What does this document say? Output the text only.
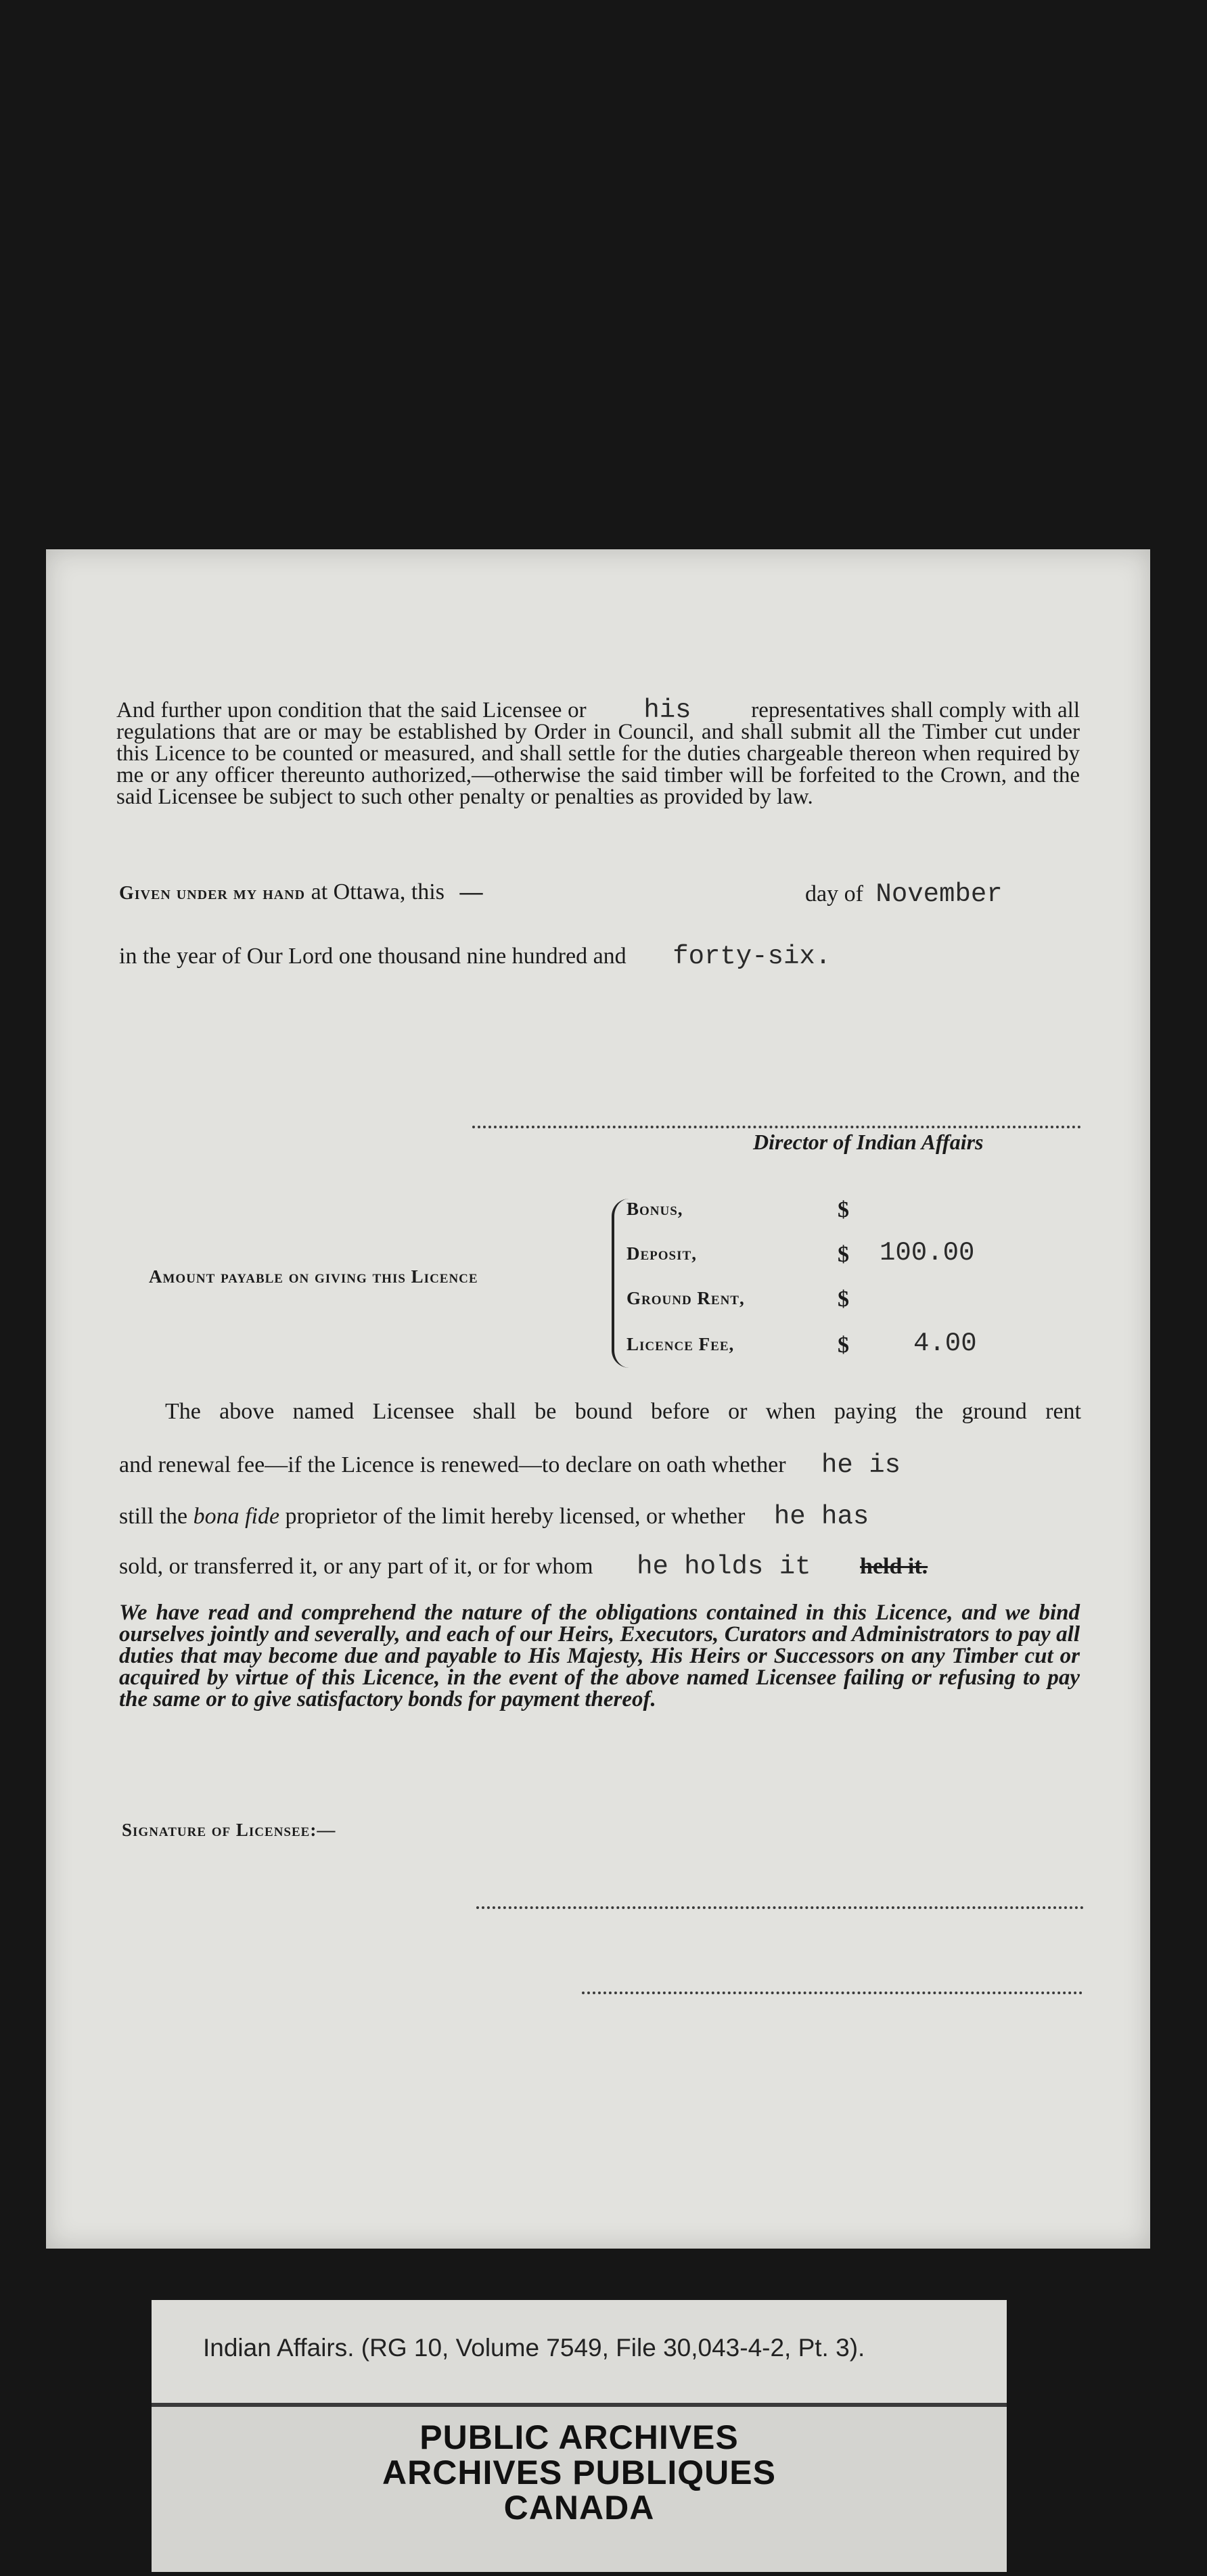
And further upon condition that the said Licensee or his	representatives shall comply with all regulations that are or may be established by Order in Council, and shall submit all the Timber cut under this Licence to be counted or measured, and shall settle for the duties chargeable thereon when required by me or any officer thereunto authorized,—otherwise the said timber will be forfeited to the Crown, and the said Licensee be subject to such other penalty or penalties as provided by law.

Given under my hand at Ottawa, this —	day of November
in the year of Our Lord one thousand nine hundred and forty-six.
Director of Indian Affairs
Amount payable on giving this Licence
Bonus,	$
Deposit,	$ 100.00
Ground Rent,	$
Licence Fee,	$ 4.00
The above named Licensee shall be bound before or when paying the ground rent
and renewal fee—if the Licence is renewed—to declare on oath whether he is
still the bona fide proprietor of the limit hereby licensed, or whether he has
sold, or transferred it, or any part of it, or for whom he holds it held it.

We have read and comprehend the nature of the obligations contained in this Licence, and we bind ourselves jointly and severally, and each of our Heirs, Executors, Curators and Administrators to pay all duties that may become due and payable to His Majesty, His Heirs or Successors on any Timber cut or acquired by virtue of this Licence, in the event of the above named Licensee failing or refusing to pay the same or to give satisfactory bonds for payment thereof.

Signature of Licensee:—
Indian Affairs. (RG 10, Volume 7549, File 30,043-4-2, Pt. 3).
PUBLIC ARCHIVES
ARCHIVES PUBLIQUES
CANADA
